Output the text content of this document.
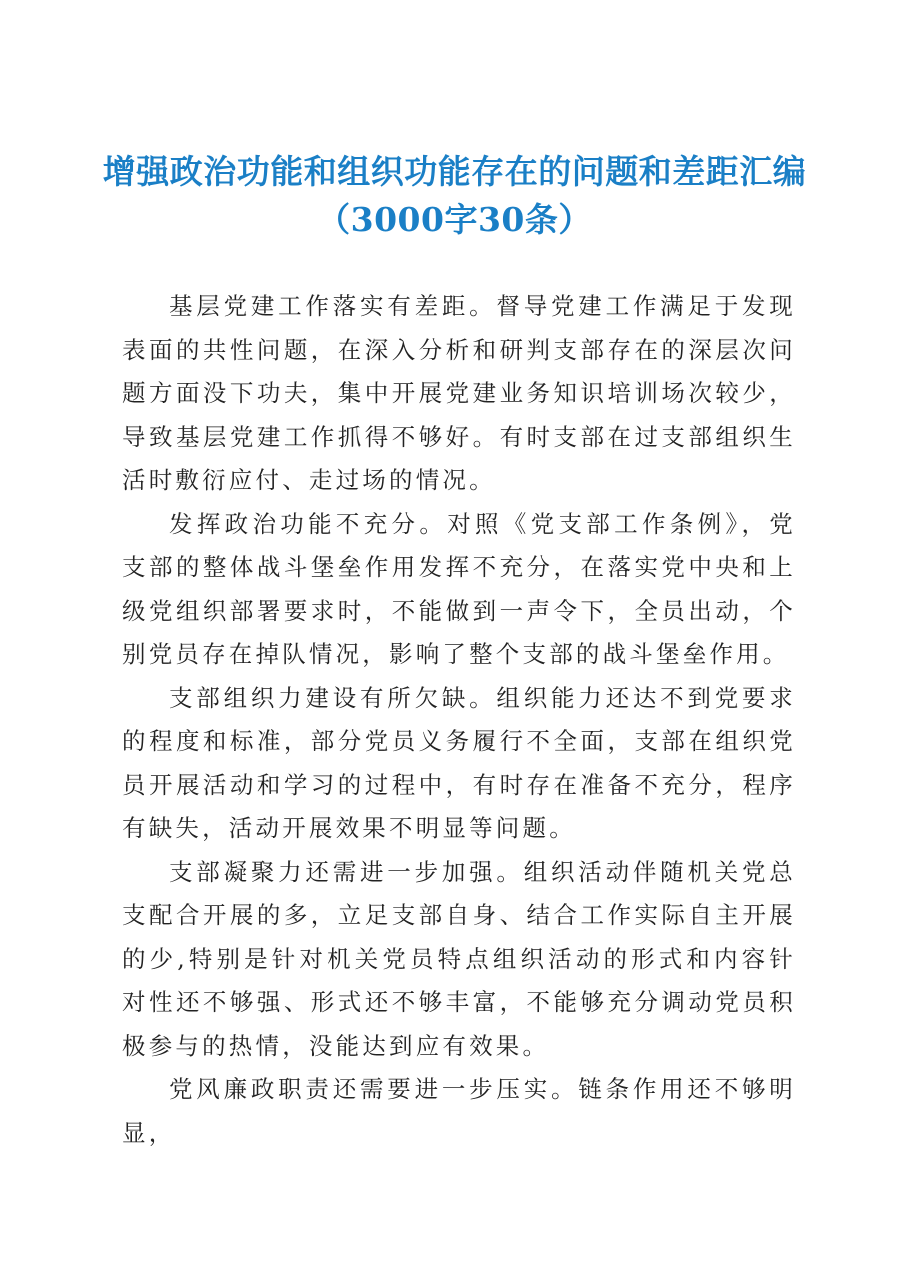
增强政治功能和组织功能存在的问题和差距汇编（3000字30条）

基层党建工作落实有差距。督导党建工作满足于发现表面的共性问题，在深入分析和研判支部存在的深层次问题方面没下功夫，集中开展党建业务知识培训场次较少，导致基层党建工作抓得不够好。有时支部在过支部组织生活时敷衍应付、走过场的情况。

发挥政治功能不充分。对照《党支部工作条例》，党支部的整体战斗堡垒作用发挥不充分，在落实党中央和上级党组织部署要求时，不能做到一声令下，全员出动，个别党员存在掉队情况，影响了整个支部的战斗堡垒作用。

支部组织力建设有所欠缺。组织能力还达不到党要求的程度和标准，部分党员义务履行不全面，支部在组织党员开展活动和学习的过程中，有时存在准备不充分，程序有缺失，活动开展效果不明显等问题。

支部凝聚力还需进一步加强。组织活动伴随机关党总支配合开展的多，立足支部自身、结合工作实际自主开展的少,特别是针对机关党员特点组织活动的形式和内容针对性还不够强、形式还不够丰富，不能够充分调动党员积极参与的热情，没能达到应有效果。

党风廉政职责还需要进一步压实。链条作用还不够明显，
